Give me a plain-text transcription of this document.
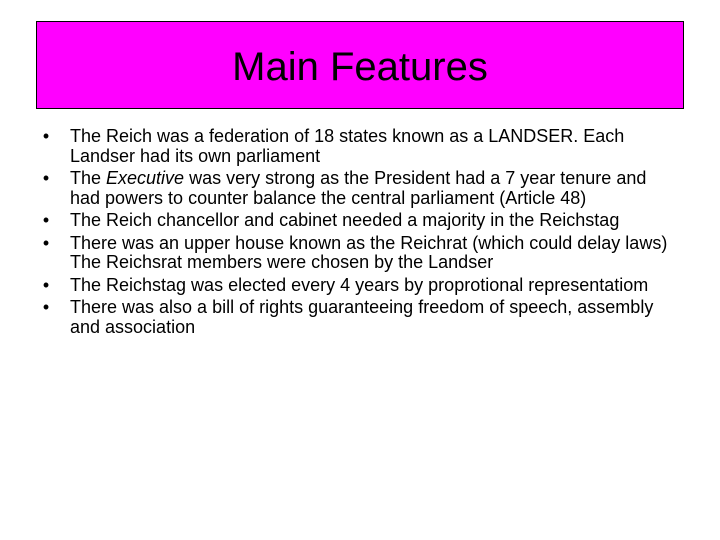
Main Features
• The Reich was a federation of 18 states known as a LANDSER. Each Landser had its own parliament
• The Executive was very strong as the President had a 7 year tenure and had powers to counter balance the central parliament (Article 48)
• The Reich chancellor and cabinet needed a majority in the Reichstag
• There was an upper house known as the Reichrat (which could delay laws) The Reichsrat members were chosen by the Landser
• The Reichstag was elected every 4 years by proprotional representatiom
• There was also a bill of rights guaranteeing freedom of speech, assembly and association
